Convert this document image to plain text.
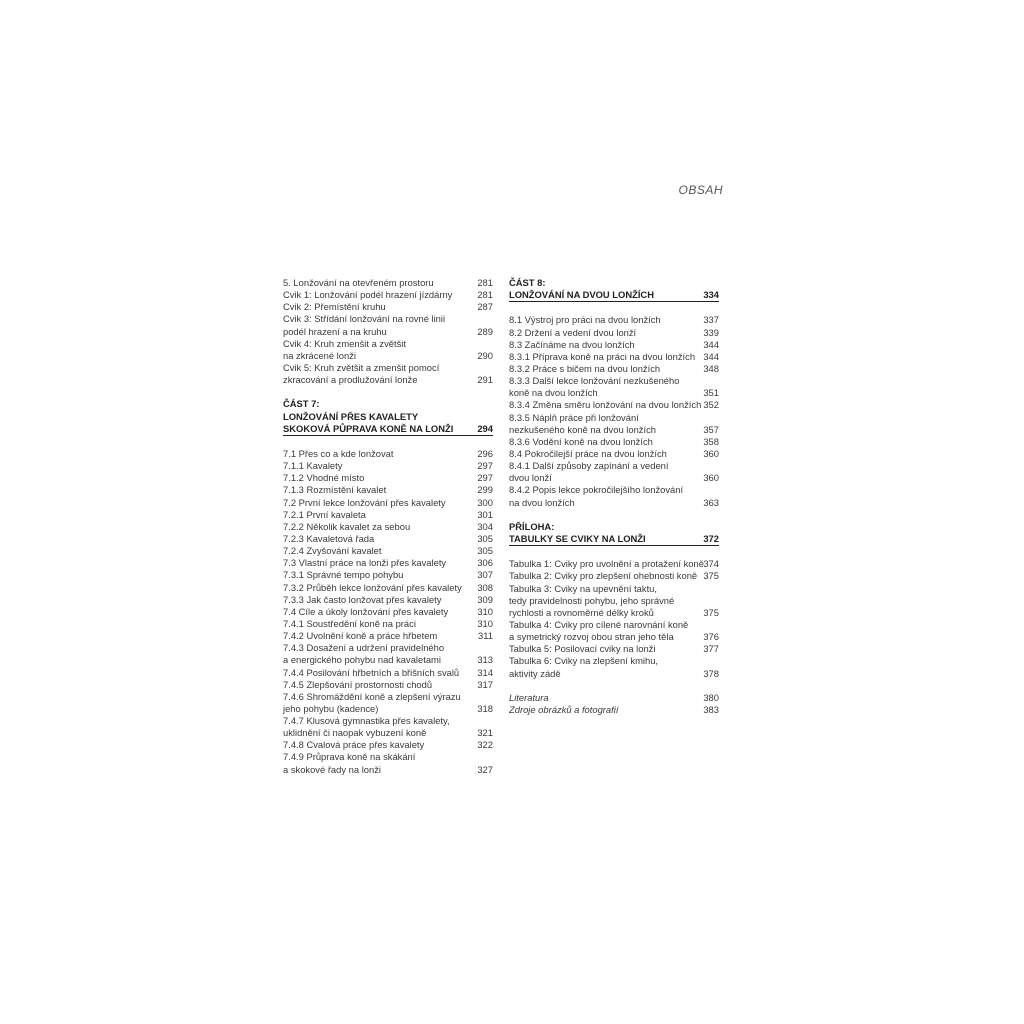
OBSAH
5. Lonžování na otevřeném prostoru	281
Cvik 1: Lonžování podél hrazení jízdárny	281
Cvik 2: Přemístění kruhu	287
Cvik 3: Střídání lonžování na rovné linii
podél hrazení a na kruhu	289
Cvik 4: Kruh zmenšit a zvětšit
na zkrácené lonži	290
Cvik 5: Kruh zvětšit a zmenšit pomocí
zkracování a prodlužování lonže	291
ČÁST 7:
LONŽOVÁNÍ PŘES KAVALETY
SKOKOVÁ PŮPRAVA KONĚ NA LONŽI	294
7.1 Přes co a kde lonžovat	296
7.1.1 Kavalety	297
7.1.2 Vhodné místo	297
7.1.3 Rozmístění kavalet	299
7.2 První lekce lonžování přes kavalety	300
7.2.1 První kavaleta	301
7.2.2 Několik kavalet za sebou	304
7.2.3 Kavaletová řada	305
7.2.4 Zvyšování kavalet	305
7.3 Vlastní práce na lonži přes kavalety	306
7.3.1 Správné tempo pohybu	307
7.3.2 Průběh lekce lonžování přes kavalety 308
7.3.3 Jak často lonžovat přes kavalety	309
7.4 Cíle a úkoly lonžování přes kavalety	310
7.4.1 Soustředění koně na práci	310
7.4.2 Uvolnění koně a práce hřbetem	311
7.4.3 Dosažení a udržení pravidelného
a energického pohybu nad kavaletami	313
7.4.4 Posilování hřbetních a břišních svalů 314
7.4.5 Zlepšování prostornosti chodů	317
7.4.6 Shromáždění koně a zlepšení výrazu
jeho pohybu (kadence)	318
7.4.7 Klusová gymnastika přes kavalety,
uklidnění či naopak vybuzení koně	321
7.4.8 Cvalová práce přes kavalety	322
7.4.9 Průprava koně na skákání
a skokové řady na lonži	327
ČÁST 8:
LONŽOVÁNÍ NA DVOU LONŽÍCH	334
8.1 Výstroj pro práci na dvou lonžích	337
8.2 Držení a vedení dvou lonží	339
8.3 Začínáme na dvou lonžích	344
8.3.1 Příprava koně na práci na dvou lonžích 344
8.3.2 Práce s bičem na dvou lonžích	348
8.3.3 Další lekce lonžování nezkušeného
koně na dvou lonžích	351
8.3.4 Změna směru lonžování na dvou lonžích 352
8.3.5 Náplň práce při lonžování
nezkušeného koně na dvou lonžích	357
8.3.6 Vodění koně na dvou lonžích	358
8.4 Pokročilejší práce na dvou lonžích	360
8.4.1 Další způsoby zapínání a vedení
dvou lonží	360
8.4.2 Popis lekce pokročilejšího lonžování
na dvou lonžích	363
PŘÍLOHA:
TABULKY SE CVIKY NA LONŽI	372
Tabulka 1: Cviky pro uvolnění a protažení koně 374
Tabulka 2: Cviky pro zlepšení ohebnosti koně 375
Tabulka 3: Cviky na upevnění taktu,
tedy pravidelnosti pohybu, jeho správné
rychlosti a rovnoměrné délky kroků	375
Tabulka 4: Cviky pro cílené narovnání koně
a symetrický rozvoj obou stran jeho těla	376
Tabulka 5: Posilovací cviky na lonži	377
Tabulka 6: Cviky na zlepšení kmihu,
aktivity zádě	378
Literatura	380
Zdroje obrázků a fotografií	383
